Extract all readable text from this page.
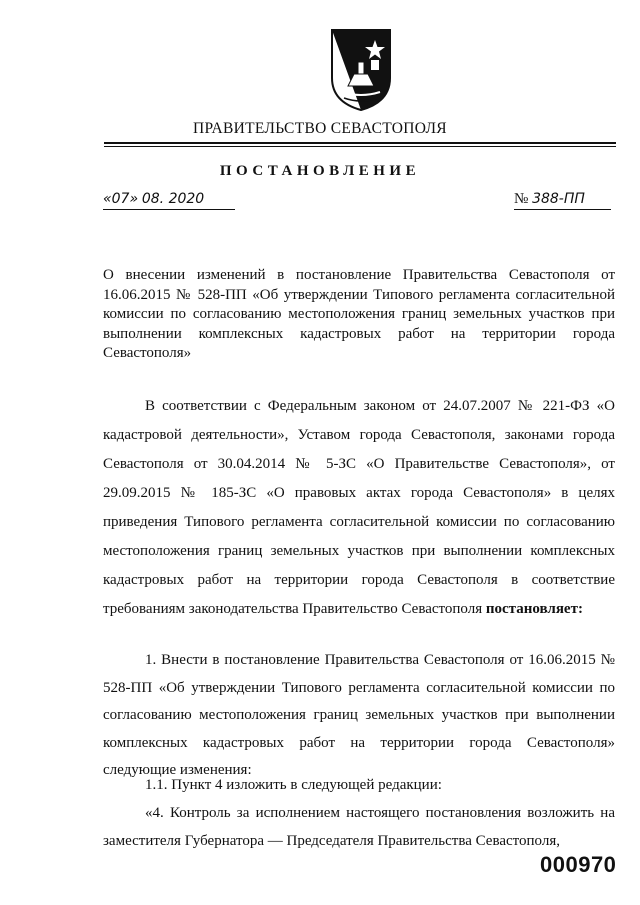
ПРАВИТЕЛЬСТВО СЕВАСТОПОЛЯ
ПОСТАНОВЛЕНИЕ
«07» 08. 2020	№ 388-ПП
О внесении изменений в постановление Правительства Севастополя от 16.06.2015 № 528-ПП «Об утверждении Типового регламента согласительной комиссии по согласованию местоположения границ земельных участков при выполнении комплексных кадастровых работ на территории города Севастополя»

В соответствии с Федеральным законом от 24.07.2007 № 221-ФЗ «О кадастровой деятельности», Уставом города Севастополя, законами города Севастополя от 30.04.2014 № 5-ЗС «О Правительстве Севастополя», от 29.09.2015 № 185-ЗС «О правовых актах города Севастополя» в целях приведения Типового регламента согласительной комиссии по согласованию местоположения границ земельных участков при выполнении комплексных кадастровых работ на территории города Севастополя в соответствие требованиям законодательства Правительство Севастополя постановляет:

1. Внести в постановление Правительства Севастополя от 16.06.2015 № 528-ПП «Об утверждении Типового регламента согласительной комиссии по согласованию местоположения границ земельных участков при выполнении комплексных кадастровых работ на территории города Севастополя» следующие изменения:

1.1. Пункт 4 изложить в следующей редакции:

«4. Контроль за исполнением настоящего постановления возложить на заместителя Губернатора — Председателя Правительства Севастополя,

000970
